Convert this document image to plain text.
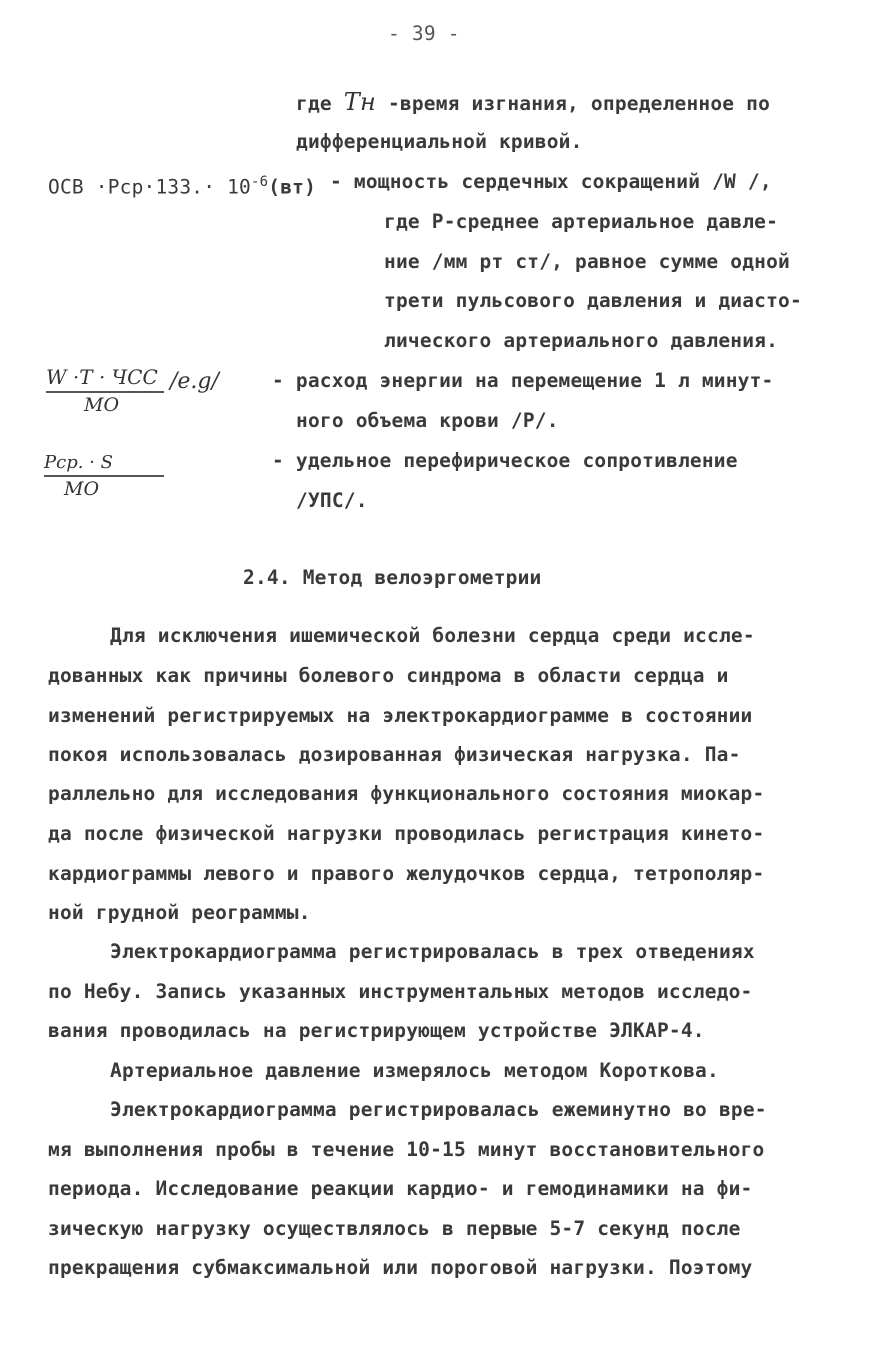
- 39 -
где Tн -время изгнания, определенное по
дифференциальной кривой.
ОСВ $\cdot Рср\cdot 133.\cdot 10^{-6}(вт)$ - мощность сердечных сокращений /W /,
где P-среднее артериальное давле-
ние /мм рт ст/, равное сумме одной
трети пульсового давления и диасто-
лического артериального давления.
W ·T · ЧСС
МО
/e.g/	- расход энергии на перемещение 1 л минут-
ного объема крови /P/.
Pср. · S
МО
- удельное перефирическое сопротивление
/УПС/.
2.4. Метод велоэргометрии
Для исключения ишемической болезни сердца среди иссле-
дованных как причины болевого синдрома в области сердца и
изменений регистрируемых на электрокардиограмме в состоянии
покоя использовалась дозированная физическая нагрузка. Па-
раллельно для исследования функционального состояния миокар-
да после физической нагрузки проводилась регистрация кинето-
кардиограммы левого и правого желудочков сердца, тетрополяр-
ной грудной реограммы.
Электрокардиограмма регистрировалась в трех отведениях
по Небу. Запись указанных инструментальных методов исследо-
вания проводилась на регистрирующем устройстве ЭЛКАР-4.
Артериальное давление измерялось методом Короткова.
Электрокардиограмма регистрировалась ежеминутно во вре-
мя выполнения пробы в течение 10-15 минут восстановительного
периода. Исследование реакции кардио- и гемодинамики на фи-
зическую нагрузку осуществлялось в первые 5-7 секунд после
прекращения субмаксимальной или пороговой нагрузки. Поэтому
